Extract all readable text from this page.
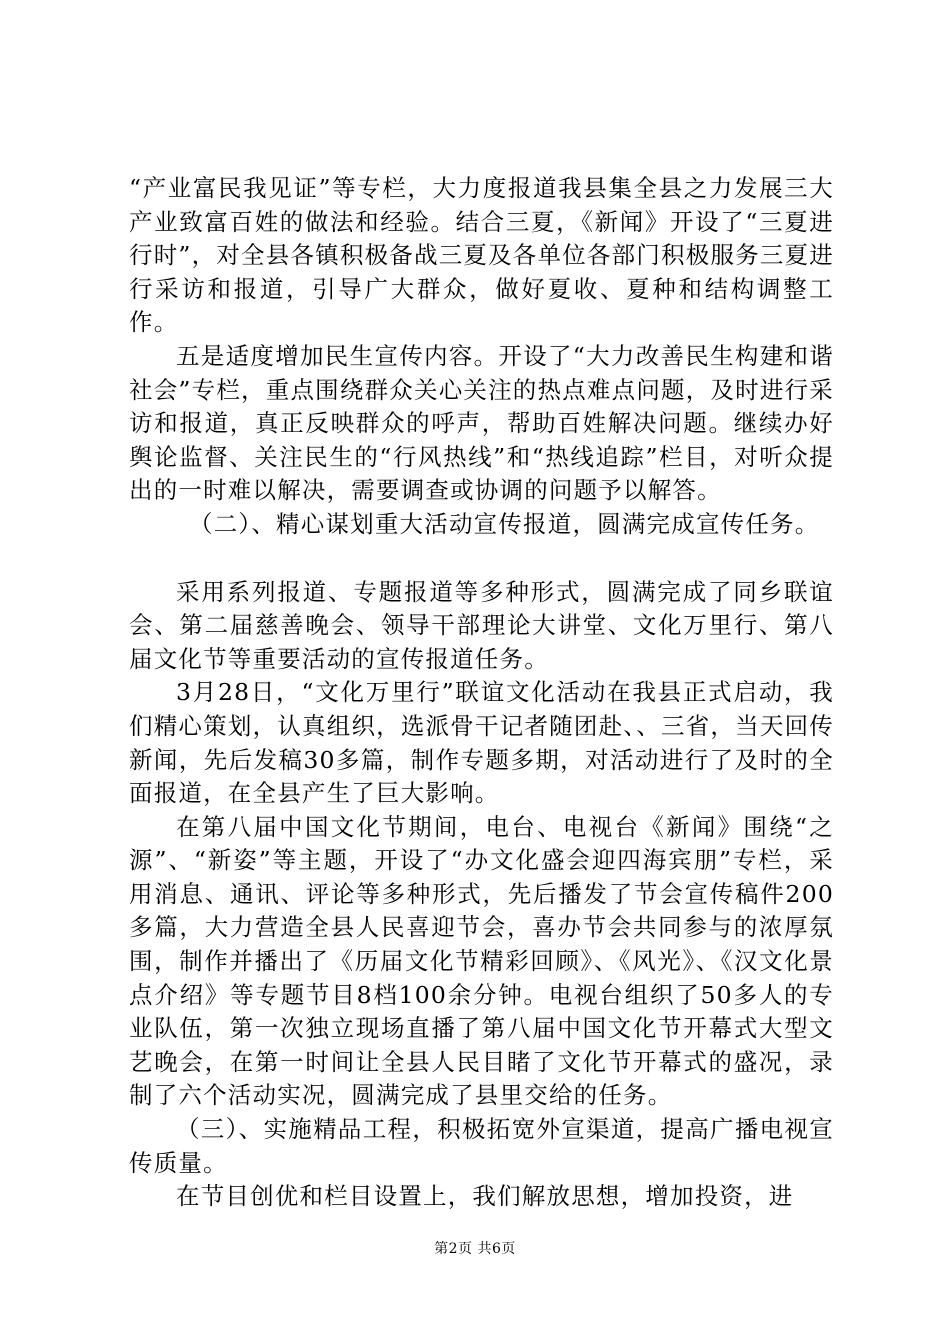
“产业富民我见证”等专栏，大力度报道我县集全县之力发展三大产业致富百姓的做法和经验。结合三夏，《新闻》开设了“三夏进行时”，对全县各镇积极备战三夏及各单位各部门积极服务三夏进行采访和报道，引导广大群众，做好夏收、夏种和结构调整工作。

五是适度增加民生宣传内容。开设了“大力改善民生构建和谐社会”专栏，重点围绕群众关心关注的热点难点问题，及时进行采访和报道，真正反映群众的呼声，帮助百姓解决问题。继续办好舆论监督、关注民生的“行风热线”和“热线追踪”栏目，对听众提出的一时难以解决，需要调查或协调的问题予以解答。

（二）、精心谋划重大活动宣传报道，圆满完成宣传任务。

采用系列报道、专题报道等多种形式，圆满完成了同乡联谊会、第二届慈善晚会、领导干部理论大讲堂、文化万里行、第八届文化节等重要活动的宣传报道任务。

3月28日，“文化万里行”联谊文化活动在我县正式启动，我们精心策划，认真组织，选派骨干记者随团赴、、三省，当天回传新闻，先后发稿30多篇，制作专题多期，对活动进行了及时的全面报道，在全县产生了巨大影响。

在第八届中国文化节期间，电台、电视台《新闻》围绕“之源”、“新姿”等主题，开设了“办文化盛会迎四海宾朋”专栏，采用消息、通讯、评论等多种形式，先后播发了节会宣传稿件200多篇，大力营造全县人民喜迎节会，喜办节会共同参与的浓厚氛围，制作并播出了《历届文化节精彩回顾》、《风光》、《汉文化景点介绍》等专题节目8档100余分钟。电视台组织了50多人的专业队伍，第一次独立现场直播了第八届中国文化节开幕式大型文艺晚会，在第一时间让全县人民目睹了文化节开幕式的盛况，录制了六个活动实况，圆满完成了县里交给的任务。

（三）、实施精品工程，积极拓宽外宣渠道，提高广播电视宣传质量。

在节目创优和栏目设置上，我们解放思想，增加投资，进

第2页 共6页
